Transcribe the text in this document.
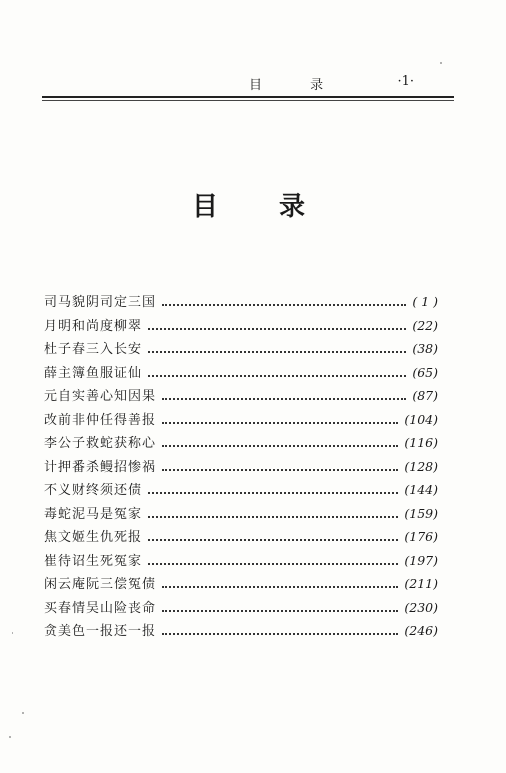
目 录	·1·
目 录
司马貌阴司定三国	( 1 )
月明和尚度柳翠	(22)
杜子春三入长安	(38)
薛主簿鱼服证仙	(65)
元自实善心知因果	(87)
改前非仲任得善报	(104)
李公子救蛇获称心	(116)
计押番杀鳗招惨祸	(128)
不义财终须还债	(144)
毒蛇泥马是冤家	(159)
焦文姬生仇死报	(176)
崔待诏生死冤家	(197)
闲云庵阮三偿冤债	(211)
买春情吴山险丧命	(230)
贪美色一报还一报	(246)
